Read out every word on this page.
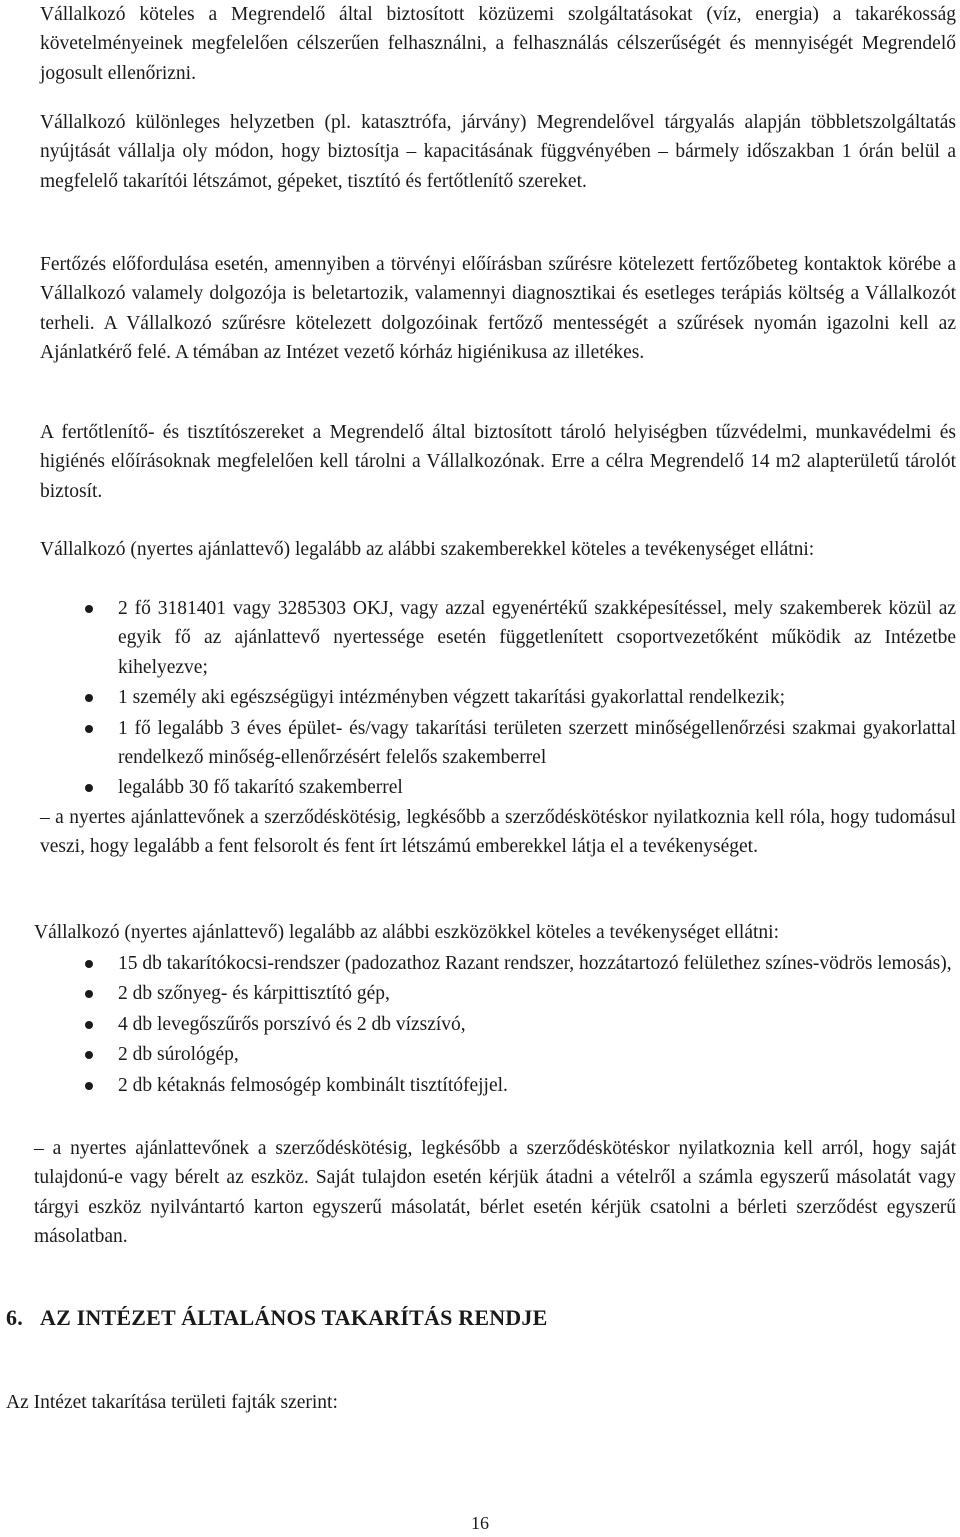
Vállalkozó köteles a Megrendelő által biztosított közüzemi szolgáltatásokat (víz, energia) a takarékosság követelményeinek megfelelően célszerűen felhasználni, a felhasználás célszerűségét és mennyiségét Megrendelő jogosult ellenőrizni.

Vállalkozó különleges helyzetben (pl. katasztrófa, járvány) Megrendelővel tárgyalás alapján többletszolgáltatás nyújtását vállalja oly módon, hogy biztosítja – kapacitásának függvényében – bármely időszakban 1 órán belül a megfelelő takarítói létszámot, gépeket, tisztító és fertőtlenítő szereket.

Fertőzés előfordulása esetén, amennyiben a törvényi előírásban szűrésre kötelezett fertőzőbeteg kontaktok körébe a Vállalkozó valamely dolgozója is beletartozik, valamennyi diagnosztikai és esetleges terápiás költség a Vállalkozót terheli. A Vállalkozó szűrésre kötelezett dolgozóinak fertőző mentességét a szűrések nyomán igazolni kell az Ajánlatkérő felé. A témában az Intézet vezető kórház higiénikusa az illetékes.

A fertőtlenítő- és tisztítószereket a Megrendelő által biztosított tároló helyiségben tűzvédelmi, munkavédelmi és higiénés előírásoknak megfelelően kell tárolni a Vállalkozónak. Erre a célra Megrendelő 14 m2 alapterületű tárolót biztosít.

Vállalkozó (nyertes ajánlattevő) legalább az alábbi szakemberekkel köteles a tevékenységet ellátni:

2 fő 3181401 vagy 3285303 OKJ, vagy azzal egyenértékű szakképesítéssel, mely szakemberek közül az egyik fő az ajánlattevő nyertessége esetén függetlenített csoportvezetőként működik az Intézetbe kihelyezve;
1 személy aki egészségügyi intézményben végzett takarítási gyakorlattal rendelkezik;
1 fő legalább 3 éves épület- és/vagy takarítási területen szerzett minőségellenőrzési szakmai gyakorlattal rendelkező minőség-ellenőrzésért felelős szakemberrel
legalább 30 fő takarító szakemberrel

– a nyertes ajánlattevőnek a szerződéskötésig, legkésőbb a szerződéskötéskor nyilatkoznia kell róla, hogy tudomásul veszi, hogy legalább a fent felsorolt és fent írt létszámú emberekkel látja el a tevékenységet.

Vállalkozó (nyertes ajánlattevő) legalább az alábbi eszközökkel köteles a tevékenységet ellátni:

15 db takarítókocsi-rendszer (padozathoz Razant rendszer, hozzátartozó felülethez színes-vödrös lemosás),
2 db szőnyeg- és kárpittisztító gép,
4 db levegőszűrős porszívó és 2 db vízszívó,
2 db súrológép,
2 db kétaknás felmosógép kombinált tisztítófejjel.

– a nyertes ajánlattevőnek a szerződéskötésig, legkésőbb a szerződéskötéskor nyilatkoznia kell arról, hogy saját tulajdonú-e vagy bérelt az eszköz. Saját tulajdon esetén kérjük átadni a vételről a számla egyszerű másolatát vagy tárgyi eszköz nyilvántartó karton egyszerű másolatát, bérlet esetén kérjük csatolni a bérleti szerződést egyszerű másolatban.

6. AZ INTÉZET ÁLTALÁNOS TAKARÍTÁS RENDJE

Az Intézet takarítása területi fajták szerint:

16
